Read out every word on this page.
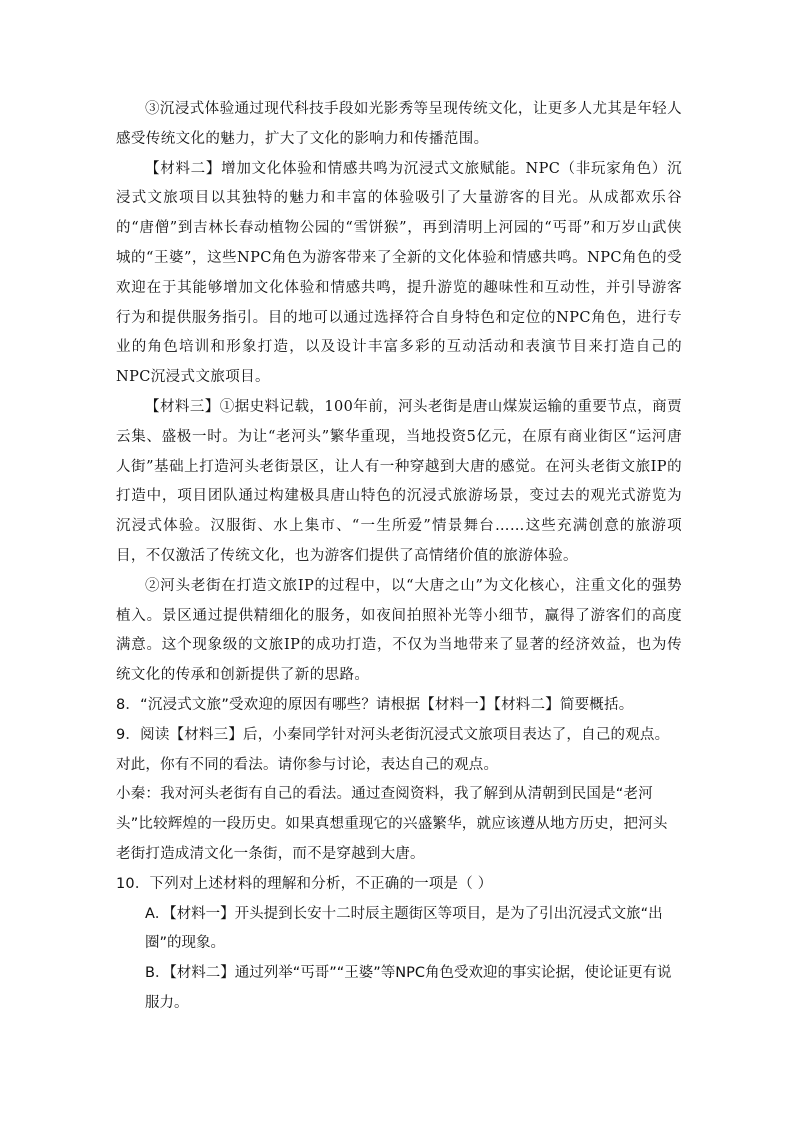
③沉浸式体验通过现代科技手段如光影秀等呈现传统文化，让更多人尤其是年轻人感受传统文化的魅力，扩大了文化的影响力和传播范围。

【材料二】增加文化体验和情感共鸣为沉浸式文旅赋能。NPC（非玩家角色）沉浸式文旅项目以其独特的魅力和丰富的体验吸引了大量游客的目光。从成都欢乐谷的“唐僧”到吉林长春动植物公园的“雪饼猴”，再到清明上河园的“丐哥”和万岁山武侠城的“王婆”，这些NPC角色为游客带来了全新的文化体验和情感共鸣。NPC角色的受欢迎在于其能够增加文化体验和情感共鸣，提升游览的趣味性和互动性，并引导游客行为和提供服务指引。目的地可以通过选择符合自身特色和定位的NPC角色，进行专业的角色培训和形象打造，以及设计丰富多彩的互动活动和表演节目来打造自己的NPC沉浸式文旅项目。

【材料三】①据史料记载，100年前，河头老街是唐山煤炭运输的重要节点，商贾云集、盛极一时。为让“老河头”繁华重现，当地投资5亿元，在原有商业街区“运河唐人街”基础上打造河头老街景区，让人有一种穿越到大唐的感觉。在河头老街文旅IP的打造中，项目团队通过构建极具唐山特色的沉浸式旅游场景，变过去的观光式游览为沉浸式体验。汉服街、水上集市、“一生所爱”情景舞台……这些充满创意的旅游项目，不仅激活了传统文化，也为游客们提供了高情绪价值的旅游体验。

②河头老街在打造文旅IP的过程中，以“大唐之山”为文化核心，注重文化的强势植入。景区通过提供精细化的服务，如夜间拍照补光等小细节，赢得了游客们的高度满意。这个现象级的文旅IP的成功打造，不仅为当地带来了显著的经济效益，也为传统文化的传承和创新提供了新的思路。

8．“沉浸式文旅”受欢迎的原因有哪些？请根据【材料一】【材料二】简要概括。

9．阅读【材料三】后，小秦同学针对河头老街沉浸式文旅项目表达了，自己的观点。对此，你有不同的看法。请你参与讨论，表达自己的观点。

小秦：我对河头老街有自己的看法。通过查阅资料，我了解到从清朝到民国是“老河头”比较辉煌的一段历史。如果真想重现它的兴盛繁华，就应该遵从地方历史，把河头老街打造成清文化一条街，而不是穿越到大唐。

10．下列对上述材料的理解和分析，不正确的一项是（ ）

A．【材料一】开头提到长安十二时辰主题街区等项目，是为了引出沉浸式文旅“出圈”的现象。

B．【材料二】通过列举“丐哥”“王婆”等NPC角色受欢迎的事实论据，使论证更有说服力。
